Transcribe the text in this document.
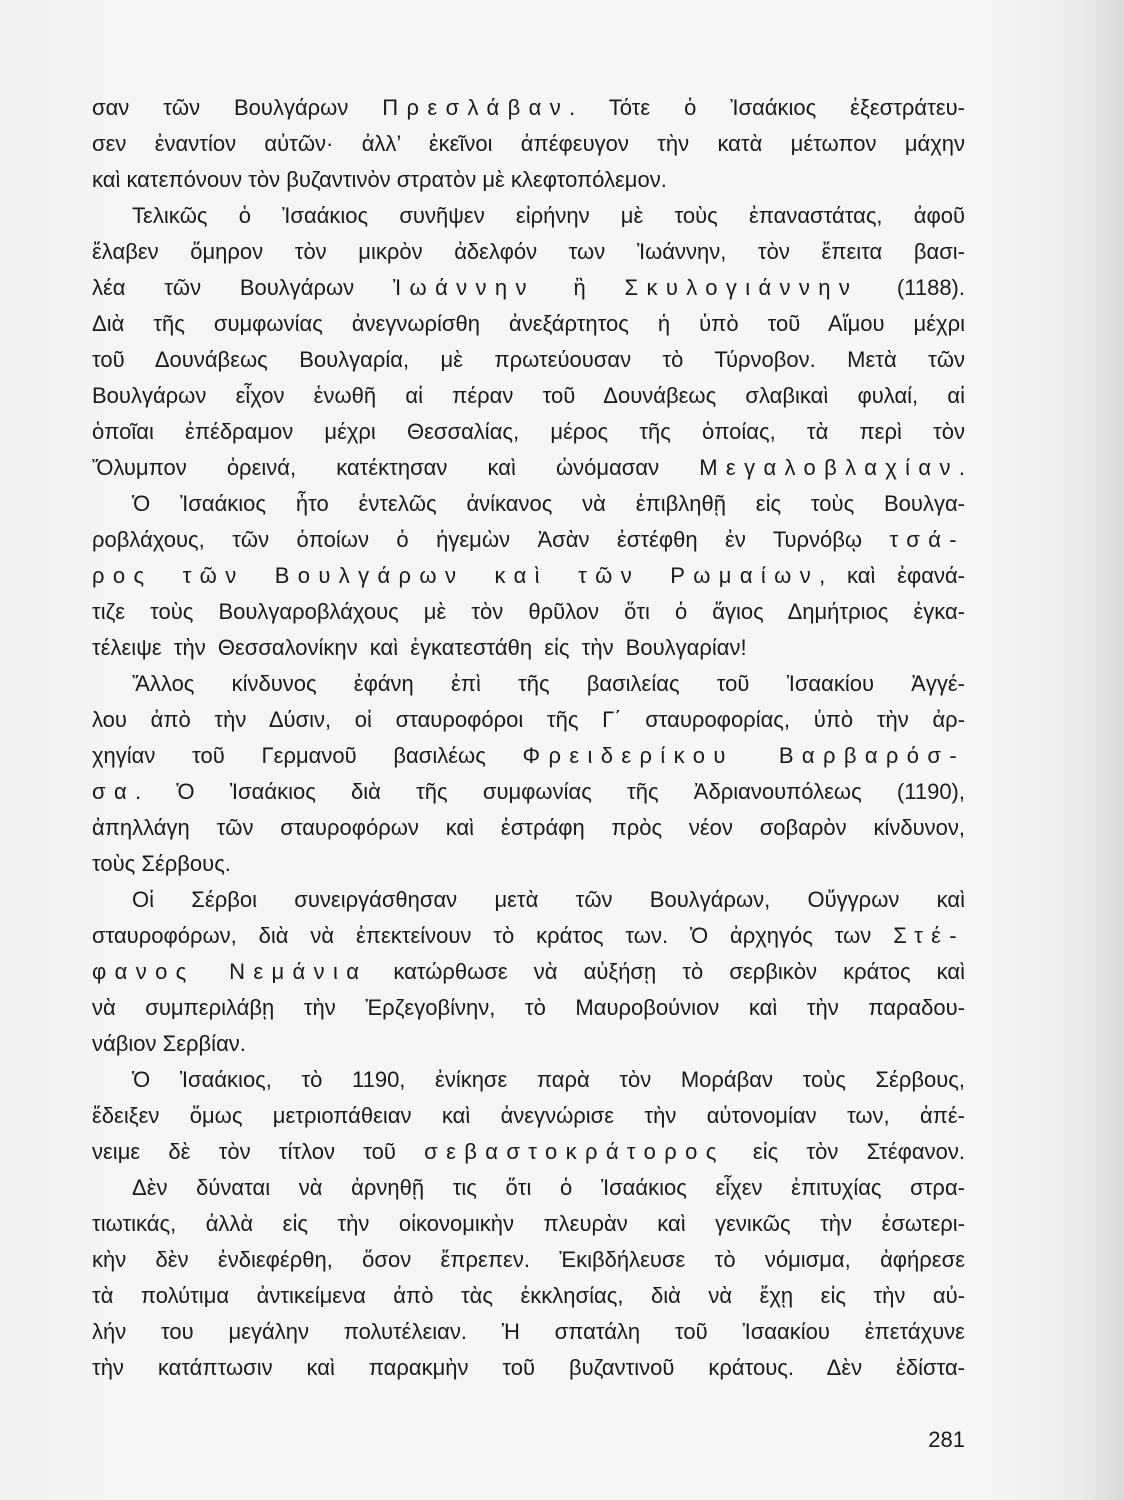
σαν τῶν Βουλγάρων Πρεσλάβαν. Τότε ὁ Ἰσαάκιος ἐξεστράτευ-
σεν ἐναντίον αὐτῶν· ἀλλ’ ἐκεῖνοι ἀπέφευγον τὴν κατὰ μέτωπον μάχην
καὶ κατεπόνουν τὸν βυζαντινὸν στρατὸν μὲ κλεφτοπόλεμον.
Τελικῶς ὁ Ἰσαάκιος συνῆψεν εἰρήνην μὲ τοὺς ἐπαναστάτας, ἀφοῦ
ἔλαβεν ὅμηρον τὸν μικρὸν ἀδελφόν των Ἰωάννην, τὸν ἔπειτα βασι-
λέα τῶν Βουλγάρων Ἰωάννην ἢ Σκυλογιάννην (1188).
Διὰ τῆς συμφωνίας ἀνεγνωρίσθη ἀνεξάρτητος ἡ ὑπὸ τοῦ Αἵμου μέχρι
τοῦ Δουνάβεως Βουλγαρία, μὲ πρωτεύουσαν τὸ Τύρνοβον. Μετὰ τῶν
Βουλγάρων εἶχον ἑνωθῆ αἱ πέραν τοῦ Δουνάβεως σλαβικαὶ φυλαί, αἱ
ὁποῖαι ἐπέδραμον μέχρι Θεσσαλίας, μέρος τῆς ὁποίας, τὰ περὶ τὸν
Ὄλυμπον ὀρεινά, κατέκτησαν καὶ ὠνόμασαν Μεγαλοβλαχίαν.
Ὁ Ἰσαάκιος ἦτο ἐντελῶς ἀνίκανος νὰ ἐπιβληθῇ εἰς τοὺς Βουλγα-
ροβλάχους, τῶν ὁποίων ὁ ἡγεμὼν Ἀσὰν ἐστέφθη ἐν Τυρνόβῳ τσά-
ρος τῶν Βουλγάρων καὶ τῶν Ρωμαίων, καὶ ἐφανά-
τιζε τοὺς Βουλγαροβλάχους μὲ τὸν θρῦλον ὅτι ὁ ἅγιος Δημήτριος ἐγκα-
τέλειψε τὴν Θεσσαλονίκην καὶ ἐγκατεστάθη εἰς τὴν Βουλγαρίαν!
Ἄλλος κίνδυνος ἐφάνη ἐπὶ τῆς βασιλείας τοῦ Ἰσαακίου Ἀγγέ-
λου ἀπὸ τὴν Δύσιν, οἱ σταυροφόροι τῆς Γ΄ σταυροφορίας, ὑπὸ τὴν ἀρ-
χηγίαν τοῦ Γερμανοῦ βασιλέως Φρειδερίκου Βαρβαρόσ-
σα. Ὁ Ἰσαάκιος διὰ τῆς συμφωνίας τῆς Ἀδριανουπόλεως (1190),
ἀπηλλάγη τῶν σταυροφόρων καὶ ἐστράφη πρὸς νέον σοβαρὸν κίνδυνον,
τοὺς Σέρβους.
Οἱ Σέρβοι συνειργάσθησαν μετὰ τῶν Βουλγάρων, Οὔγγρων καὶ
σταυροφόρων, διὰ νὰ ἐπεκτείνουν τὸ κράτος των. Ὁ ἀρχηγός των Στέ-
φανος Νεμάνια κατώρθωσε νὰ αὐξήσῃ τὸ σερβικὸν κράτος καὶ
νὰ συμπεριλάβῃ τὴν Ἐρζεγοβίνην, τὸ Μαυροβούνιον καὶ τὴν παραδου-
νάβιον Σερβίαν.
Ὁ Ἰσαάκιος, τὸ 1190, ἐνίκησε παρὰ τὸν Μοράβαν τοὺς Σέρβους,
ἔδειξεν ὅμως μετριοπάθειαν καὶ ἀνεγνώρισε τὴν αὐτονομίαν των, ἀπέ-
νειμε δὲ τὸν τίτλον τοῦ σεβαστοκράτορος εἰς τὸν Στέφανον.
Δὲν δύναται νὰ ἀρνηθῇ τις ὅτι ὁ Ἰσαάκιος εἶχεν ἐπιτυχίας στρα-
τιωτικάς, ἀλλὰ εἰς τὴν οἰκονομικὴν πλευρὰν καὶ γενικῶς τὴν ἐσωτερι-
κὴν δὲν ἐνδιεφέρθη, ὅσον ἔπρεπεν. Ἐκιβδήλευσε τὸ νόμισμα, ἀφήρεσε
τὰ πολύτιμα ἀντικείμενα ἀπὸ τὰς ἐκκλησίας, διὰ νὰ ἔχῃ εἰς τὴν αὐ-
λήν του μεγάλην πολυτέλειαν. Ἡ σπατάλη τοῦ Ἰσαακίου ἐπετάχυνε
τὴν κατάπτωσιν καὶ παρακμὴν τοῦ βυζαντινοῦ κράτους. Δὲν ἐδίστα-
281
